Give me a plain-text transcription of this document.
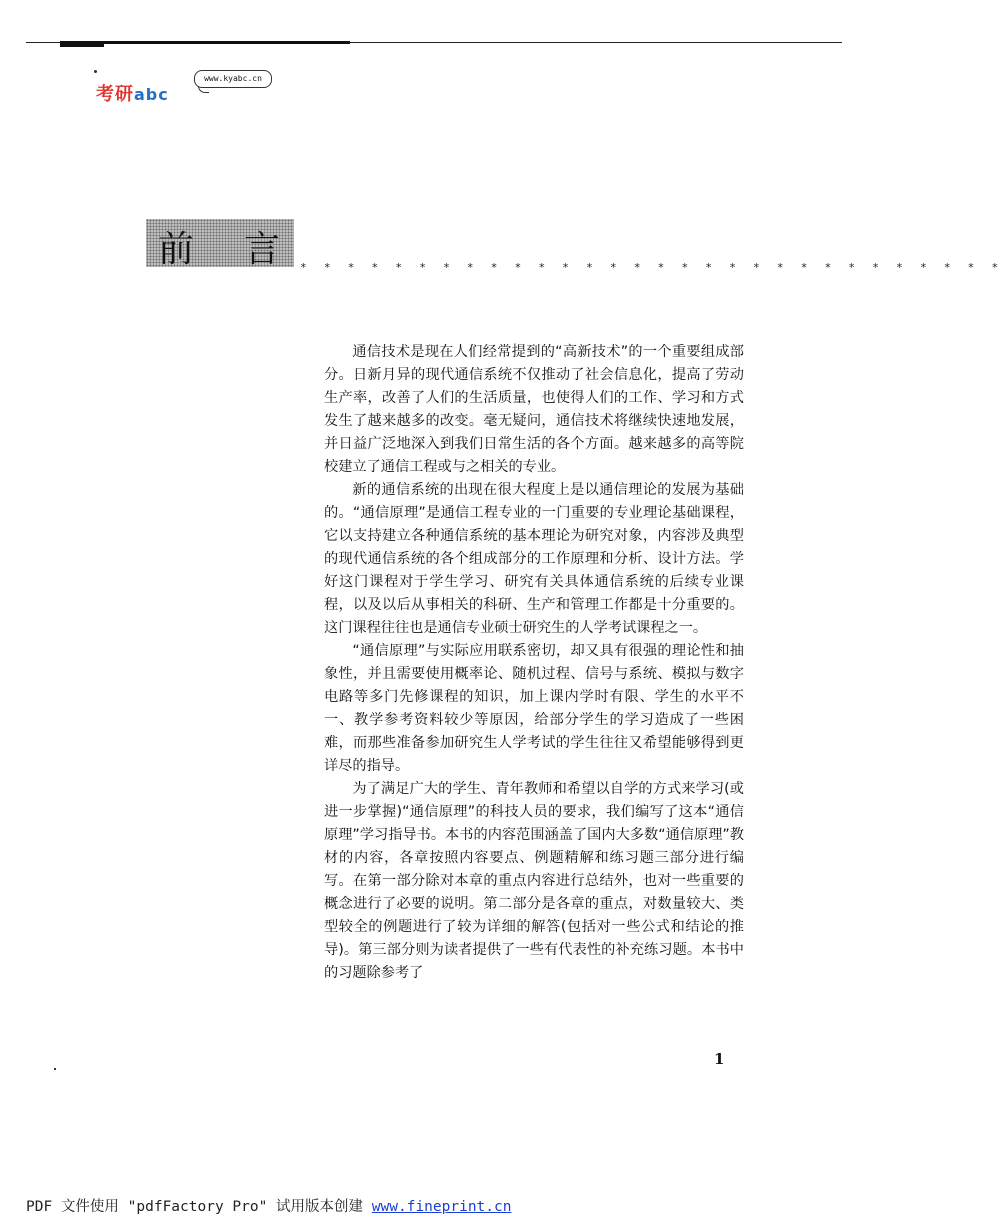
考研abc
www.kyabc.cn
前 言 * * * * * * * * * * * * * * * * * * * * * * * * * * * * * *

通信技术是现在人们经常提到的“高新技术”的一个重要组成部分。日新月异的现代通信系统不仅推动了社会信息化，提高了劳动生产率，改善了人们的生活质量，也使得人们的工作、学习和方式发生了越来越多的改变。毫无疑问，通信技术将继续快速地发展，并日益广泛地深入到我们日常生活的各个方面。越来越多的高等院校建立了通信工程或与之相关的专业。

新的通信系统的出现在很大程度上是以通信理论的发展为基础的。“通信原理”是通信工程专业的一门重要的专业理论基础课程，它以支持建立各种通信系统的基本理论为研究对象，内容涉及典型的现代通信系统的各个组成部分的工作原理和分析、设计方法。学好这门课程对于学生学习、研究有关具体通信系统的后续专业课程，以及以后从事相关的科研、生产和管理工作都是十分重要的。这门课程往往也是通信专业硕士研究生的人学考试课程之一。

“通信原理”与实际应用联系密切，却又具有很强的理论性和抽象性，并且需要使用概率论、随机过程、信号与系统、模拟与数字电路等多门先修课程的知识，加上课内学时有限、学生的水平不一、教学参考资料较少等原因，给部分学生的学习造成了一些困难，而那些准备参加研究生人学考试的学生往往又希望能够得到更详尽的指导。

为了满足广大的学生、青年教师和希望以自学的方式来学习(或进一步掌握)“通信原理”的科技人员的要求，我们编写了这本“通信原理”学习指导书。本书的内容范围涵盖了国内大多数“通信原理”教材的内容，各章按照内容要点、例题精解和练习题三部分进行编写。在第一部分除对本章的重点内容进行总结外，也对一些重要的概念进行了必要的说明。第二部分是各章的重点，对数量较大、类型较全的例题进行了较为详细的解答(包括对一些公式和结论的推导)。第三部分则为读者提供了一些有代表性的补充练习题。本书中的习题除参考了

1
PDF 文件使用 "pdfFactory Pro" 试用版本创建 www.fineprint.cn
